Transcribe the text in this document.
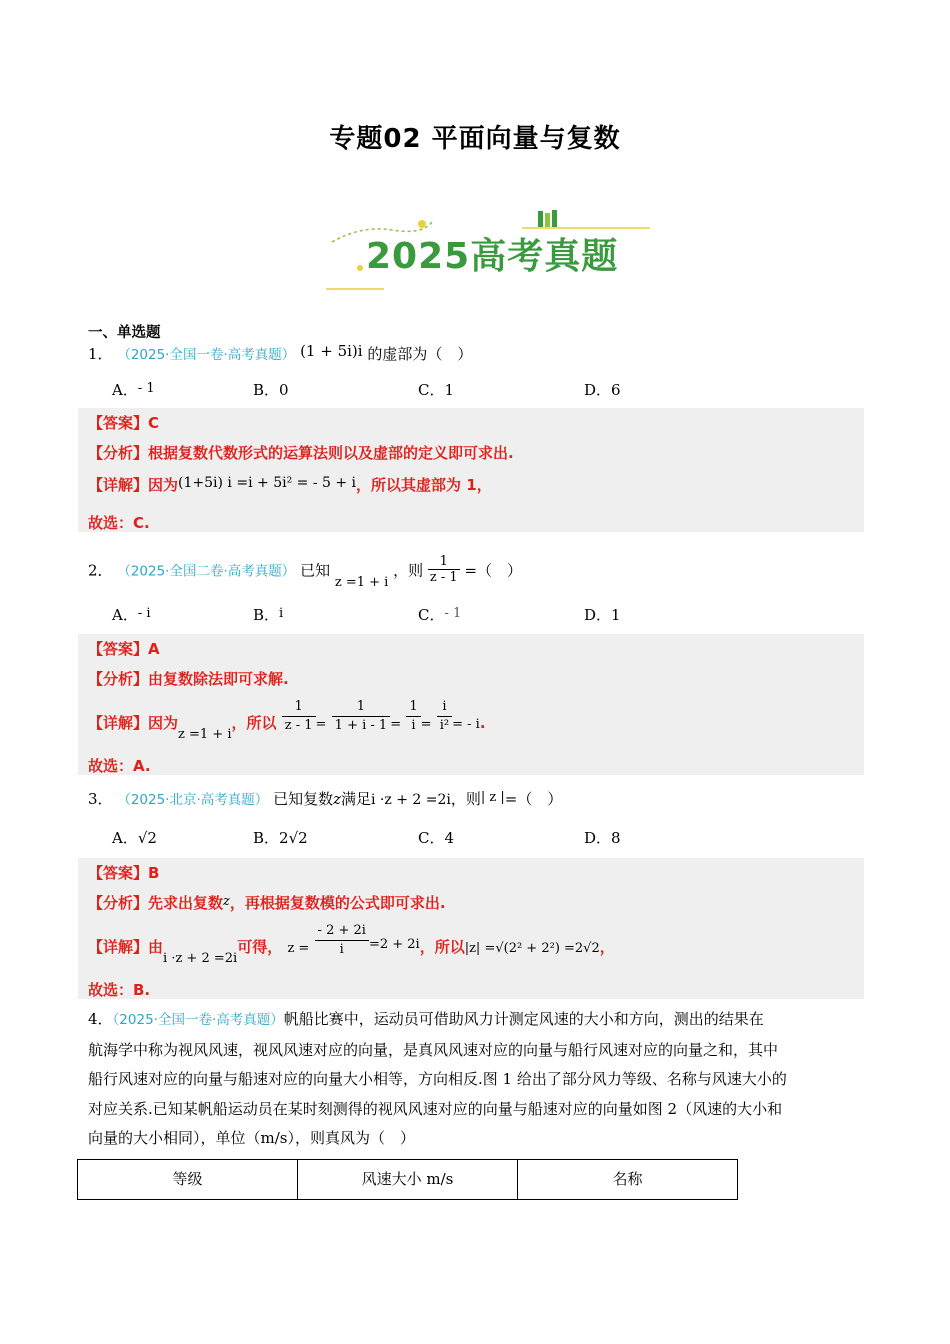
专题02 平面向量与复数
2025高考真题
一、单选题
1． （2025·全国一卷·高考真题） (1 + 5i)i 的虚部为（　）
A．- 1	B．0	C．1	D．6
【答案】C
【分析】根据复数代数形式的运算法则以及虚部的定义即可求出.
【详解】因为(1+5i) i =i + 5i² = - 5 + i，所以其虚部为 1，
故选：C.
2． （2025·全国二卷·高考真题） 已知 z =1 + i ，则 $\frac{1}{z - 1}$ =（　）
A．- i	B．i	C．- 1	D．1
【答案】A
【分析】由复数除法即可求解.
【详解】因为z =1 + i，所以 $\frac{1}{z - 1} = \frac{1}{1 + i - 1} = \frac{1}{i} = \frac{i}{\text{i²}}$ = - i.
故选：A.
3． （2025·北京·高考真题） 已知复数z满足i ·z + 2 =2i，则| z |=（　）
A．√2	B．2√2	C．4	D．8
【答案】B
【分析】先求出复数z，再根据复数模的公式即可求出.
【详解】由i ·z + 2 =2i可得， $z = \frac{- 2 + 2i}{i} =2 + 2i$，所以|z| =√(2² + 2²) =2√2，
故选：B.
4．（2025·全国一卷·高考真题）帆船比赛中，运动员可借助风力计测定风速的大小和方向，测出的结果在
航海学中称为视风风速，视风风速对应的向量，是真风风速对应的向量与船行风速对应的向量之和，其中
船行风速对应的向量与船速对应的向量大小相等，方向相反.图 1 给出了部分风力等级、名称与风速大小的
对应关系.已知某帆船运动员在某时刻测得的视风风速对应的向量与船速对应的向量如图 2（风速的大小和
向量的大小相同），单位（m/s），则真风为（　）
等级	风速大小 m/s	名称
